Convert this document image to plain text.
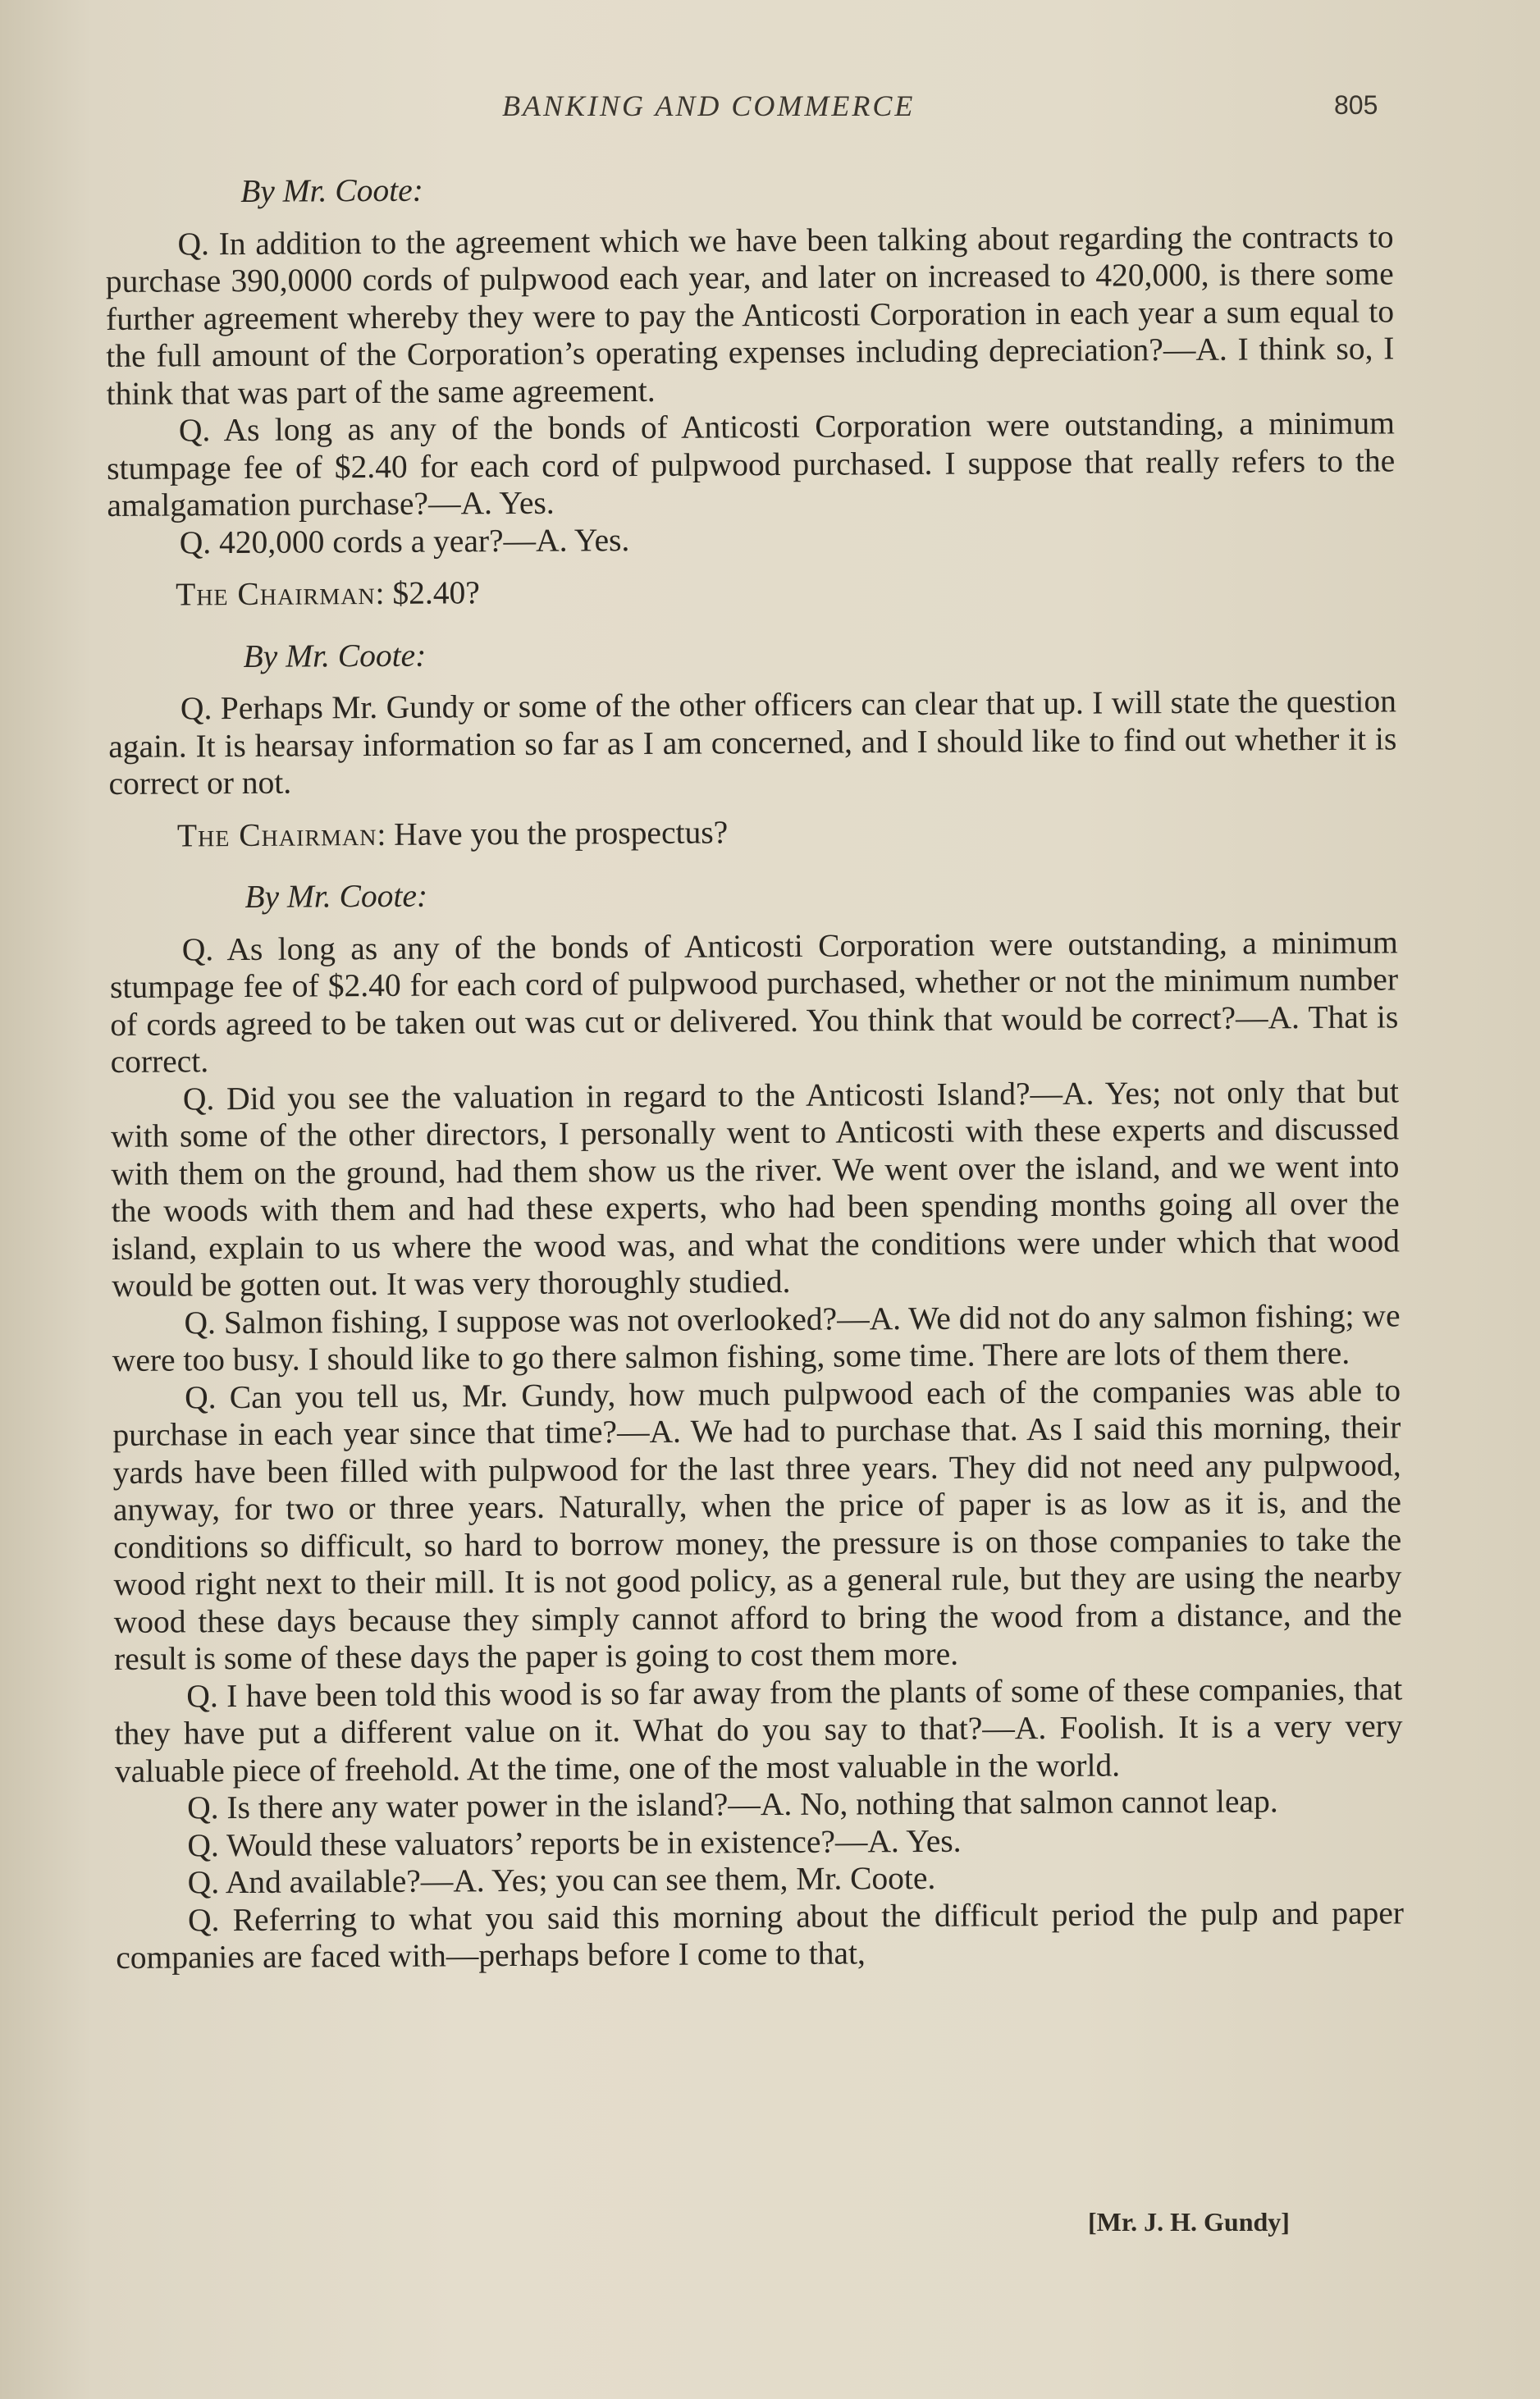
BANKING AND COMMERCE	805

By Mr. Coote:

Q. In addition to the agreement which we have been talking about regarding the contracts to purchase 390,0000 cords of pulpwood each year, and later on increased to 420,000, is there some further agreement whereby they were to pay the Anticosti Corporation in each year a sum equal to the full amount of the Corporation’s operating expenses including depreciation?—A. I think so, I think that was part of the same agreement.

Q. As long as any of the bonds of Anticosti Corporation were outstanding, a minimum stumpage fee of $2.40 for each cord of pulpwood purchased. I suppose that really refers to the amalgamation purchase?—A. Yes.

Q. 420,000 cords a year?—A. Yes.

The Chairman: $2.40?

By Mr. Coote:

Q. Perhaps Mr. Gundy or some of the other officers can clear that up. I will state the question again. It is hearsay information so far as I am concerned, and I should like to find out whether it is correct or not.

The Chairman: Have you the prospectus?

By Mr. Coote:

Q. As long as any of the bonds of Anticosti Corporation were outstanding, a minimum stumpage fee of $2.40 for each cord of pulpwood purchased, whether or not the minimum number of cords agreed to be taken out was cut or delivered. You think that would be correct?—A. That is correct.

Q. Did you see the valuation in regard to the Anticosti Island?—A. Yes; not only that but with some of the other directors, I personally went to Anticosti with these experts and discussed with them on the ground, had them show us the river. We went over the island, and we went into the woods with them and had these experts, who had been spending months going all over the island, explain to us where the wood was, and what the conditions were under which that wood would be gotten out. It was very thoroughly studied.

Q. Salmon fishing, I suppose was not overlooked?—A. We did not do any salmon fishing; we were too busy. I should like to go there salmon fishing, some time. There are lots of them there.

Q. Can you tell us, Mr. Gundy, how much pulpwood each of the companies was able to purchase in each year since that time?—A. We had to purchase that. As I said this morning, their yards have been filled with pulpwood for the last three years. They did not need any pulpwood, anyway, for two or three years. Naturally, when the price of paper is as low as it is, and the conditions so difficult, so hard to borrow money, the pressure is on those companies to take the wood right next to their mill. It is not good policy, as a general rule, but they are using the nearby wood these days because they simply cannot afford to bring the wood from a distance, and the result is some of these days the paper is going to cost them more.

Q. I have been told this wood is so far away from the plants of some of these companies, that they have put a different value on it. What do you say to that?—A. Foolish. It is a very very valuable piece of freehold. At the time, one of the most valuable in the world.

Q. Is there any water power in the island?—A. No, nothing that salmon cannot leap.

Q. Would these valuators’ reports be in existence?—A. Yes.

Q. And available?—A. Yes; you can see them, Mr. Coote.

Q. Referring to what you said this morning about the difficult period the pulp and paper companies are faced with—perhaps before I come to that,

[Mr. J. H. Gundy]
